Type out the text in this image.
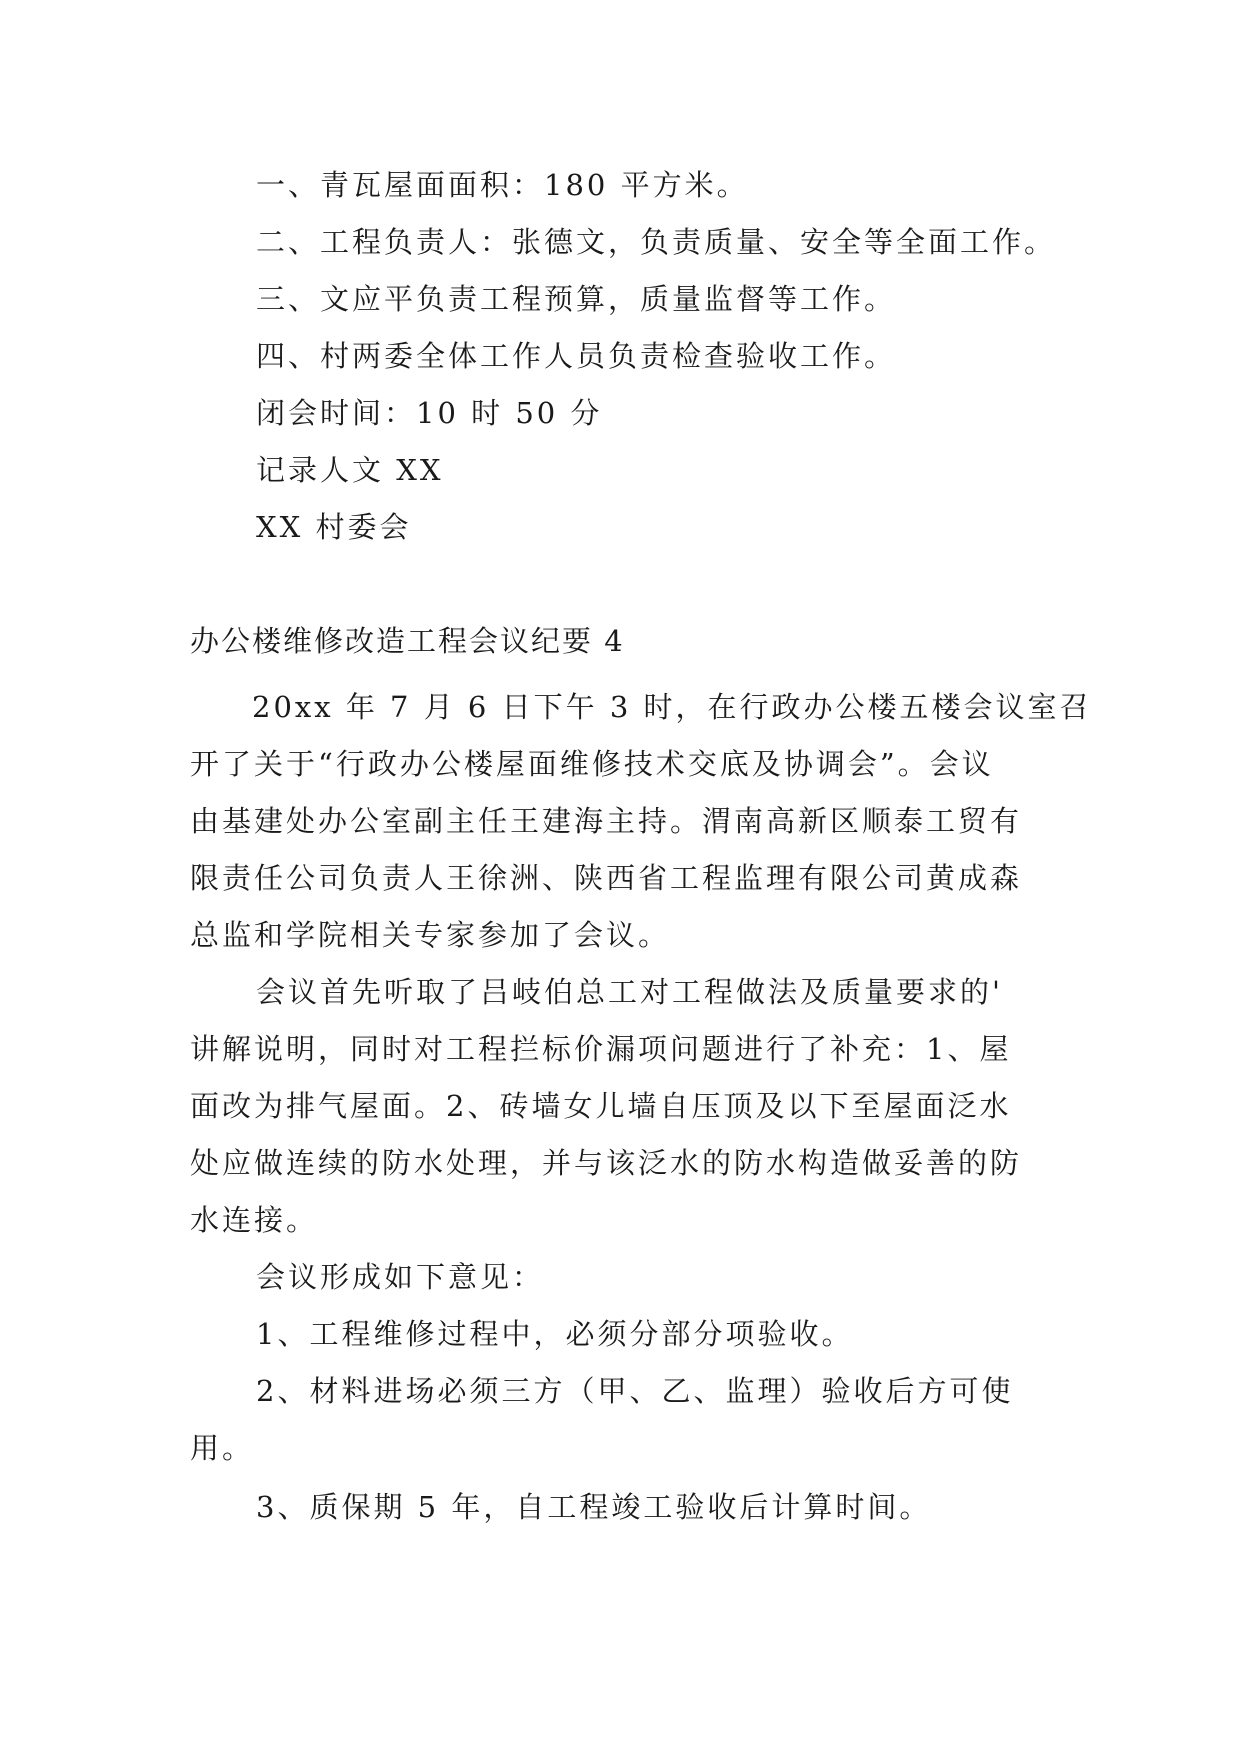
一、青瓦屋面面积：180 平方米。
二、工程负责人：张德文，负责质量、安全等全面工作。
三、文应平负责工程预算，质量监督等工作。
四、村两委全体工作人员负责检查验收工作。
闭会时间：10 时 50 分
记录人文 XX
XX 村委会
办公楼维修改造工程会议纪要 4
20xx 年 7 月 6 日下午 3 时，在行政办公楼五楼会议室召
开了关于“行政办公楼屋面维修技术交底及协调会”。会议
由基建处办公室副主任王建海主持。渭南高新区顺泰工贸有
限责任公司负责人王徐洲、陕西省工程监理有限公司黄成森
总监和学院相关专家参加了会议。
会议首先听取了吕岐伯总工对工程做法及质量要求的'
讲解说明，同时对工程拦标价漏项问题进行了补充：1、屋
面改为排气屋面。2、砖墙女儿墙自压顶及以下至屋面泛水
处应做连续的防水处理，并与该泛水的防水构造做妥善的防
水连接。
会议形成如下意见：
1、工程维修过程中，必须分部分项验收。
2、材料进场必须三方（甲、乙、监理）验收后方可使
用。
3、质保期 5 年，自工程竣工验收后计算时间。
